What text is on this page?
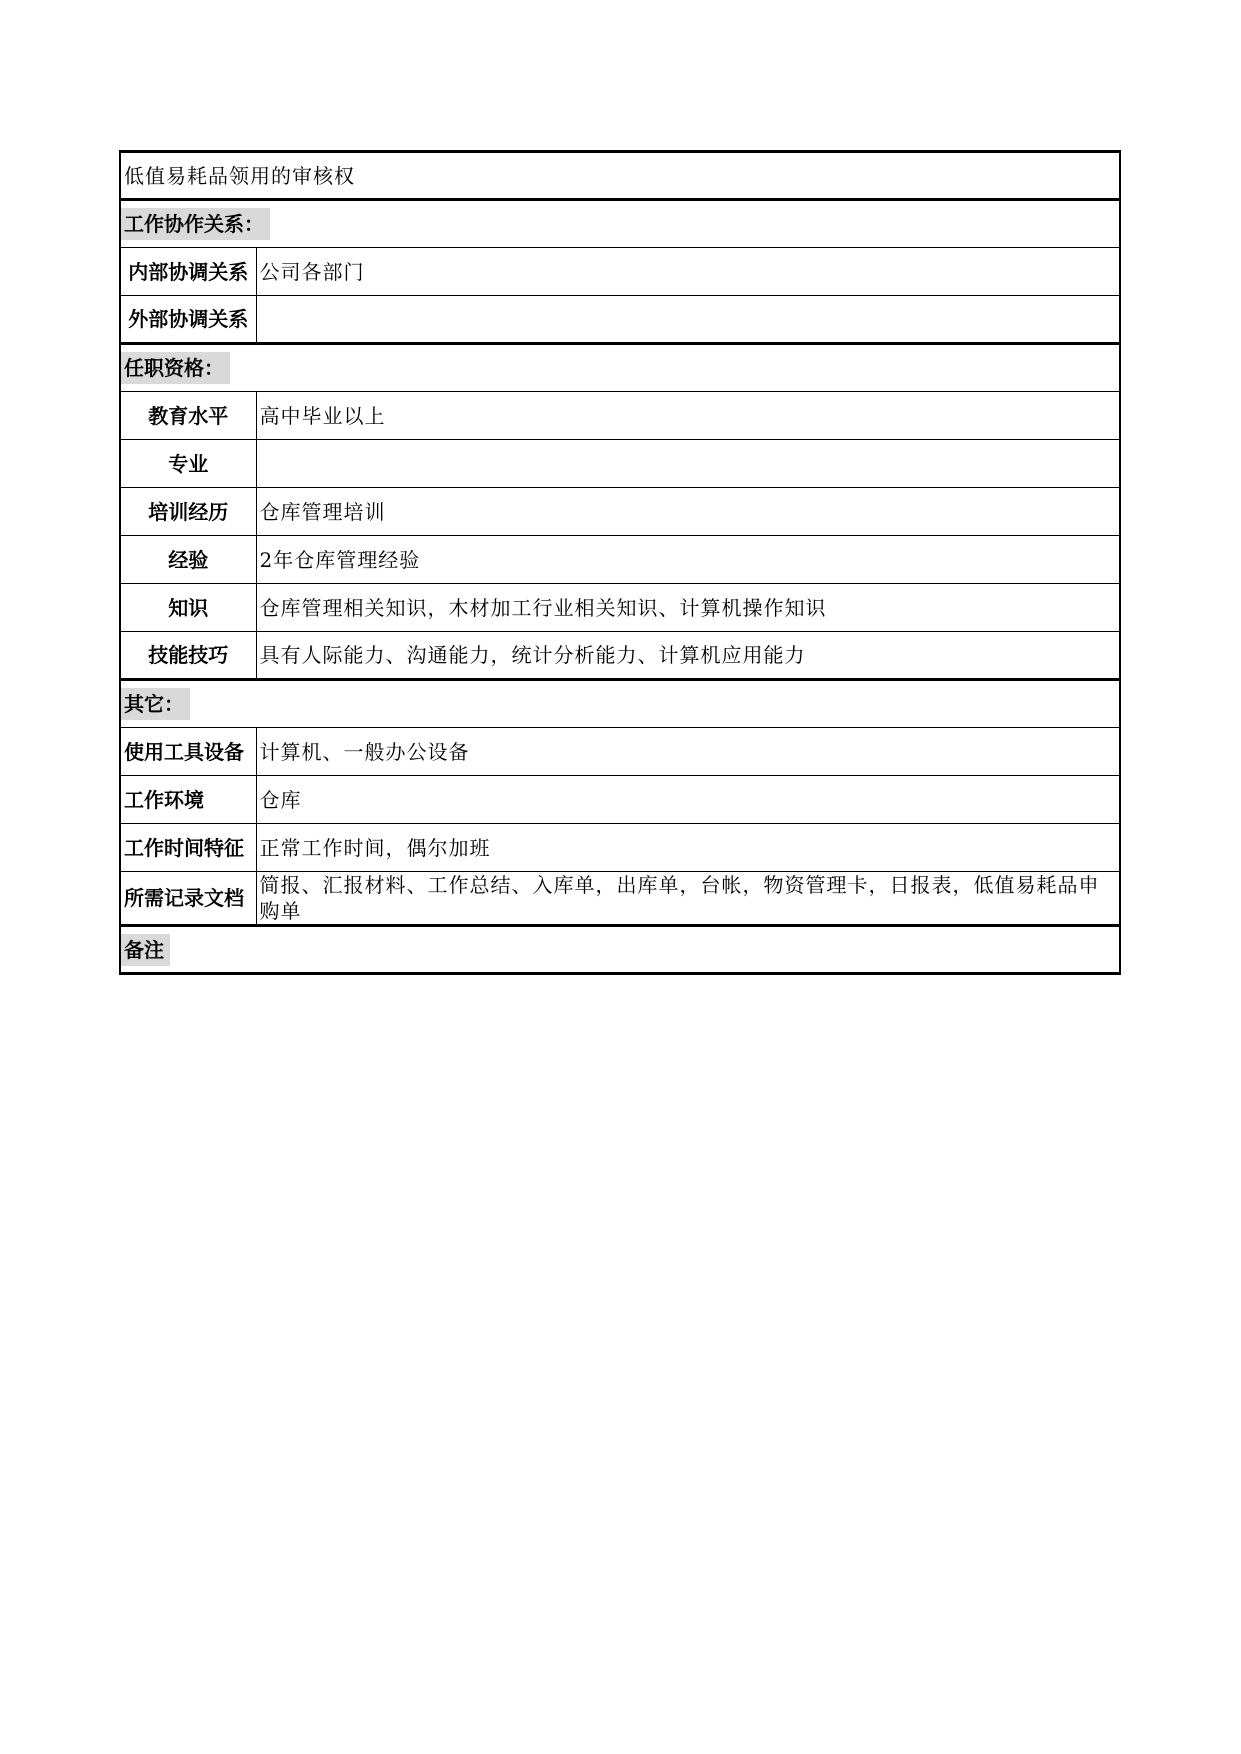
低值易耗品领用的审核权	
工作协作关系：	
内部协调关系	公司各部门
外部协调关系	
任职资格：	
教育水平	高中毕业以上
专业	
培训经历	仓库管理培训
经验	2年仓库管理经验
知识	仓库管理相关知识，木材加工行业相关知识、计算机操作知识
技能技巧	具有人际能力、沟通能力，统计分析能力、计算机应用能力
其它：	
使用工具设备	计算机、一般办公设备
工作环境	仓库
工作时间特征	正常工作时间，偶尔加班
所需记录文档	简报、汇报材料、工作总结、入库单，出库单，台帐，物资管理卡，日报表，低值易耗品申购单
备注	
